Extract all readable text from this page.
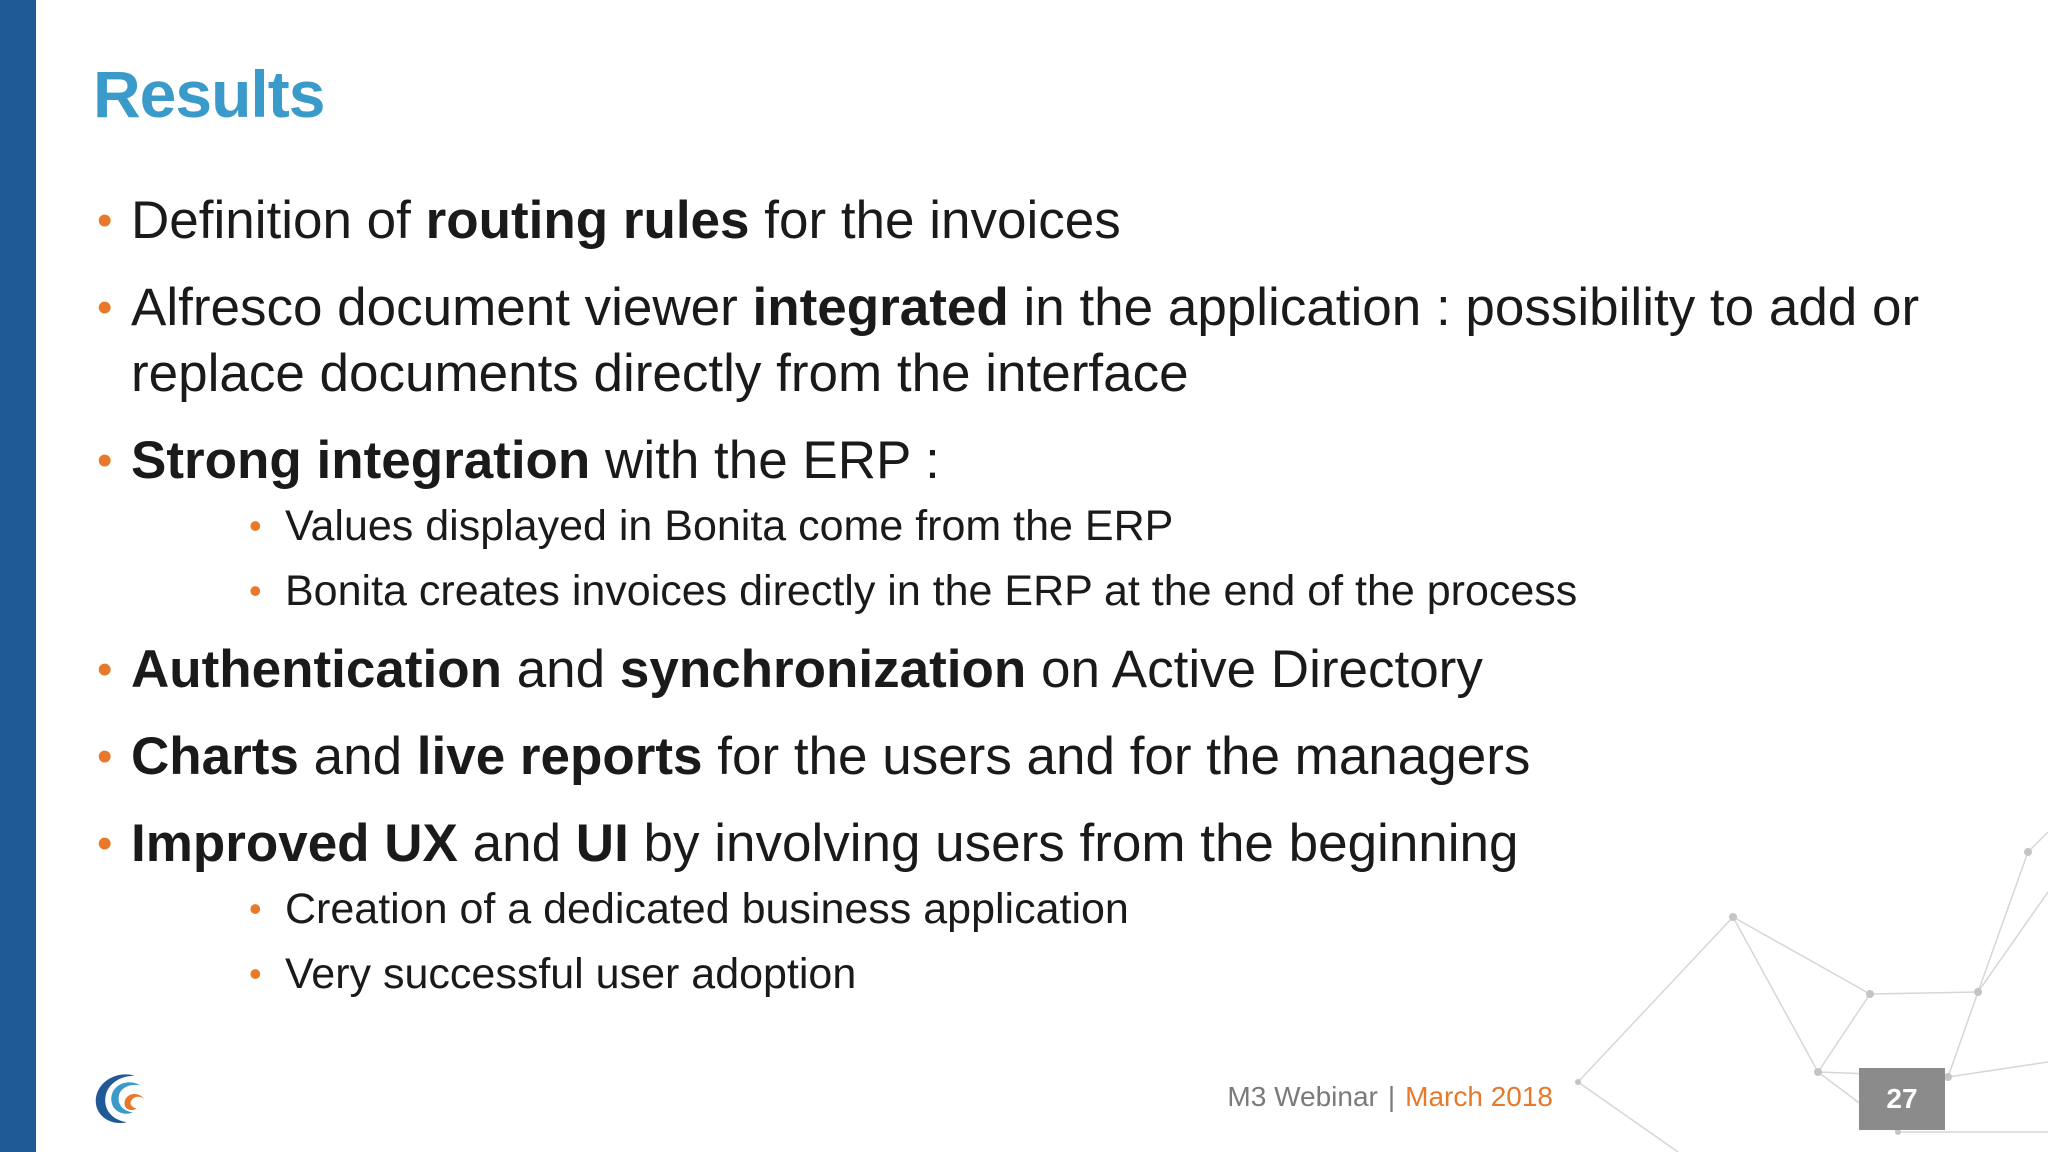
Results
• Definition of routing rules for the invoices
• Alfresco document viewer integrated in the application : possibility to add or replace documents directly from the interface
• Strong integration with the ERP :
• Values displayed in Bonita come from the ERP
• Bonita creates invoices directly in the ERP at the end of the process
• Authentication and synchronization on Active Directory
• Charts and live reports for the users and for the managers
• Improved UX and UI by involving users from the beginning
• Creation of a dedicated business application
• Very successful user adoption
M3 Webinar | March 2018	27
